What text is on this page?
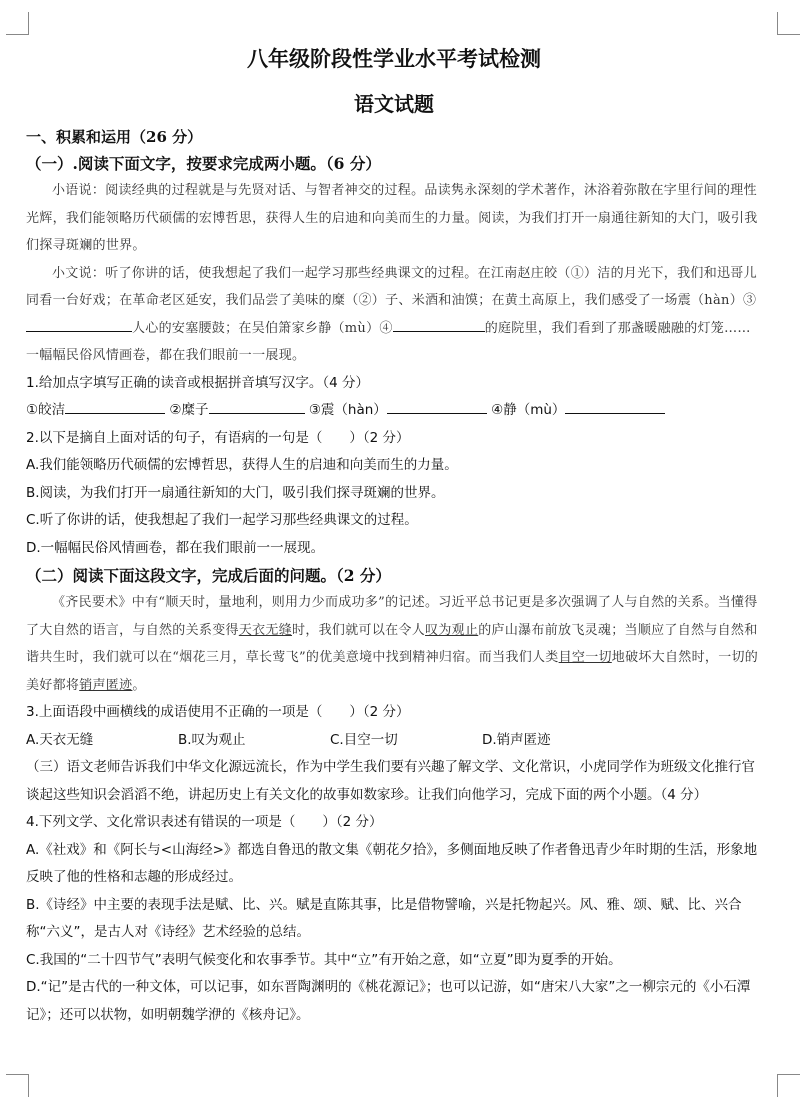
八年级阶段性学业水平考试检测
语文试题

一、积累和运用（26 分）

（一）.阅读下面文字，按要求完成两小题。（6 分）

小语说：阅读经典的过程就是与先贤对话、与智者神交的过程。品读隽永深刻的学术著作，沐浴着弥散在字里行间的理性光辉，我们能领略历代硕儒的宏博哲思，获得人生的启迪和向美而生的力量。阅读，为我们打开一扇通往新知的大门，吸引我们探寻斑斓的世界。

小文说：听了你讲的话，使我想起了我们一起学习那些经典课文的过程。在江南赵庄皎（①）洁的月光下，我们和迅哥儿同看一台好戏；在革命老区延安，我们品尝了美味的糜（②）子、米酒和油馍；在黄土高原上，我们感受了一场震（hàn）③人心的安塞腰鼓；在吴伯箫家乡静（mù）④	的庭院里，我们看到了那盏暖融融的灯笼……一幅幅民俗风情画卷，都在我们眼前一一展现。

1.给加点字填写正确的读音或根据拼音填写汉字。（4 分）

①皎洁	②糜子	③震（hàn）	④静（mù）

2.以下是摘自上面对话的句子，有语病的一句是（　　）（2 分）

A.我们能领略历代硕儒的宏博哲思，获得人生的启迪和向美而生的力量。

B.阅读，为我们打开一扇通往新知的大门，吸引我们探寻斑斓的世界。

C.听了你讲的话，使我想起了我们一起学习那些经典课文的过程。

D.一幅幅民俗风情画卷，都在我们眼前一一展现。

（二）阅读下面这段文字，完成后面的问题。（2 分）

《齐民要术》中有“顺天时，量地利，则用力少而成功多”的记述。习近平总书记更是多次强调了人与自然的关系。当懂得了大自然的语言，与自然的关系变得天衣无缝时，我们就可以在令人叹为观止的庐山瀑布前放飞灵魂；当顺应了自然与自然和谐共生时，我们就可以在“烟花三月，草长莺飞”的优美意境中找到精神归宿。而当我们人类目空一切地破坏大自然时，一切的美好都将销声匿迹。

3.上面语段中画横线的成语使用不正确的一项是（　　）（2 分）

A.天衣无缝	B.叹为观止	C.目空一切	D.销声匿迹

（三）语文老师告诉我们中华文化源远流长，作为中学生我们要有兴趣了解文学、文化常识，小虎同学作为班级文化推行官谈起这些知识会滔滔不绝，讲起历史上有关文化的故事如数家珍。让我们向他学习，完成下面的两个小题。（4 分）

4.下列文学、文化常识表述有错误的一项是（　　）（2 分）

A.《社戏》和《阿长与<山海经>》都选自鲁迅的散文集《朝花夕拾》，多侧面地反映了作者鲁迅青少年时期的生活，形象地反映了他的性格和志趣的形成经过。

B.《诗经》中主要的表现手法是赋、比、兴。赋是直陈其事，比是借物譬喻，兴是托物起兴。风、雅、颂、赋、比、兴合称“六义”，是古人对《诗经》艺术经验的总结。

C.我国的“二十四节气”表明气候变化和农事季节。其中“立”有开始之意，如“立夏”即为夏季的开始。

D.“记”是古代的一种文体，可以记事，如东晋陶渊明的《桃花源记》；也可以记游，如“唐宋八大家”之一柳宗元的《小石潭记》；还可以状物，如明朝魏学洢的《核舟记》。
